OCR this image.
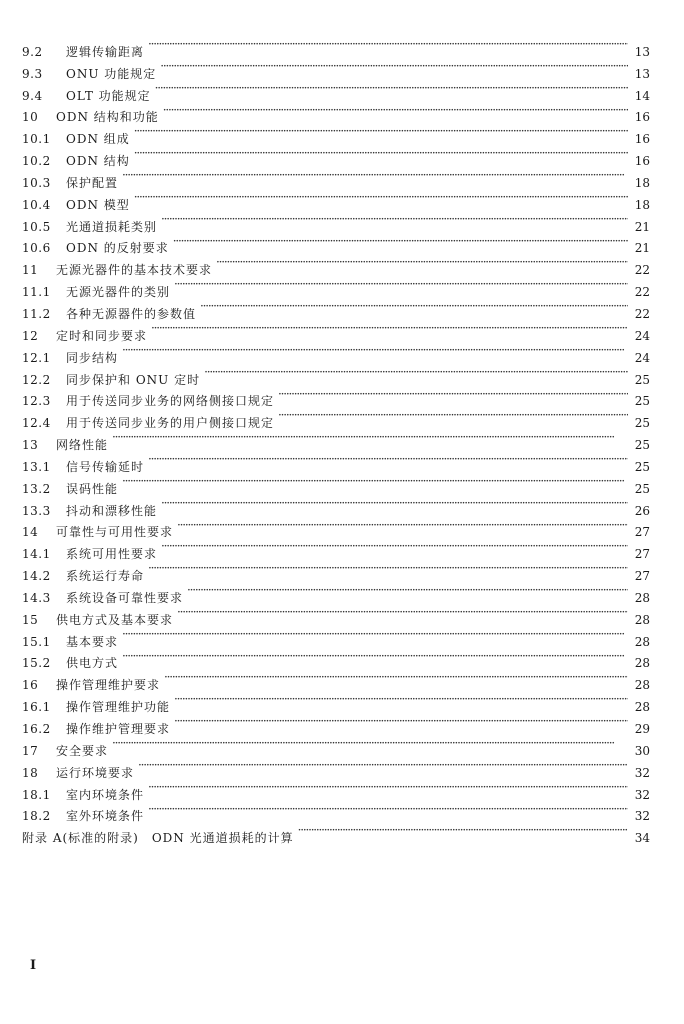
9.2	逻辑传输距离 ·····	13
9.3	ONU 功能规定 ·····	13
9.4	OLT 功能规定 ·····	14
10	ODN 结构和功能 ·····	16
10.1	ODN 组成 ·····	16
10.2	ODN 结构 ·····	16
10.3	保护配置 ·····	18
10.4	ODN 模型 ·····	18
10.5	光通道损耗类别 ·····	21
10.6	ODN 的反射要求 ·····	21
11	无源光器件的基本技术要求 ·····	22
11.1	无源光器件的类别 ·····	22
11.2	各种无源器件的参数值 ·····	22
12	定时和同步要求 ·····	24
12.1	同步结构 ·····	24
12.2	同步保护和 ONU 定时 ·····	25
12.3	用于传送同步业务的网络侧接口规定 ·····	25
12.4	用于传送同步业务的用户侧接口规定 ·····	25
13	网络性能 ·····	25
13.1	信号传输延时 ·····	25
13.2	误码性能 ·····	25
13.3	抖动和漂移性能 ·····	26
14	可靠性与可用性要求 ·····	27
14.1	系统可用性要求 ·····	27
14.2	系统运行寿命 ·····	27
14.3	系统设备可靠性要求 ·····	28
15	供电方式及基本要求 ·····	28
15.1	基本要求 ·····	28
15.2	供电方式 ·····	28
16	操作管理维护要求 ·····	28
16.1	操作管理维护功能 ·····	28
16.2	操作维护管理要求 ·····	29
17	安全要求 ·····	30
18	运行环境要求 ·····	32
18.1	室内环境条件 ·····	32
18.2	室外环境条件 ·····	32
附录 A(标准的附录)　ODN 光通道损耗的计算 ·····	34
I
